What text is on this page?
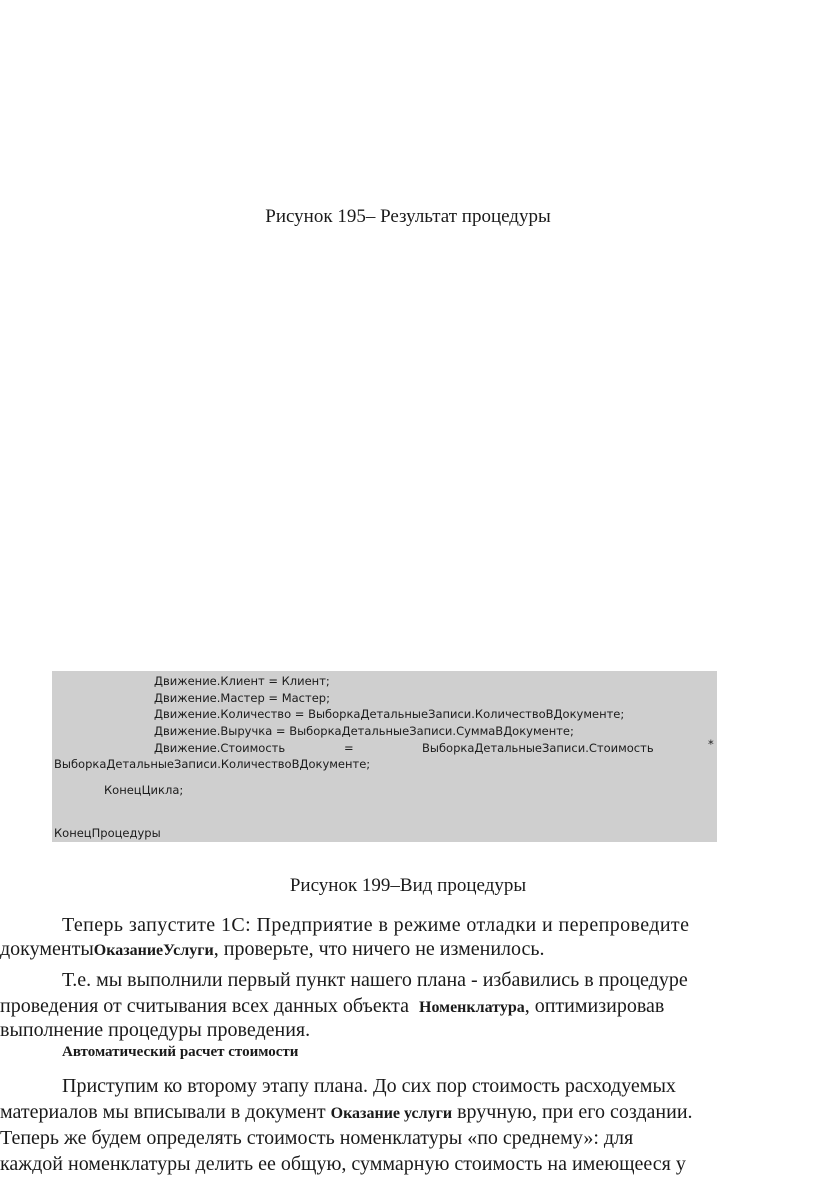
Рисунок 195– Результат процедуры
Движение.Клиент = Клиент;
Движение.Мастер = Мастер;
Движение.Количество = ВыборкаДетальныеЗаписи.КоличествоВДокументе;
Движение.Выручка = ВыборкаДетальныеЗаписи.СуммаВДокументе;
Движение.Стоимость	=	ВыборкаДетальныеЗаписи.Стоимость	*
ВыборкаДетальныеЗаписи.КоличествоВДокументе;
КонецЦикла;
КонецПроцедуры
Рисунок 199–Вид процедуры
Теперь запустите 1С: Предприятие в режиме отладки и перепроведите
документыОказаниеУслуги, проверьте, что ничего не изменилось.
Т.е. мы выполнили первый пункт нашего плана - избавились в процедуре
проведения от считывания всех данных объекта Номенклатура, оптимизировав
выполнение процедуры проведения.
Автоматический расчет стоимости
Приступим ко второму этапу плана. До сих пор стоимость расходуемых
материалов мы вписывали в документ Оказание услуги вручную, при его создании.
Теперь же будем определять стоимость номенклатуры «по среднему»: для
каждой номенклатуры делить ее общую, суммарную стоимость на имеющееся у
